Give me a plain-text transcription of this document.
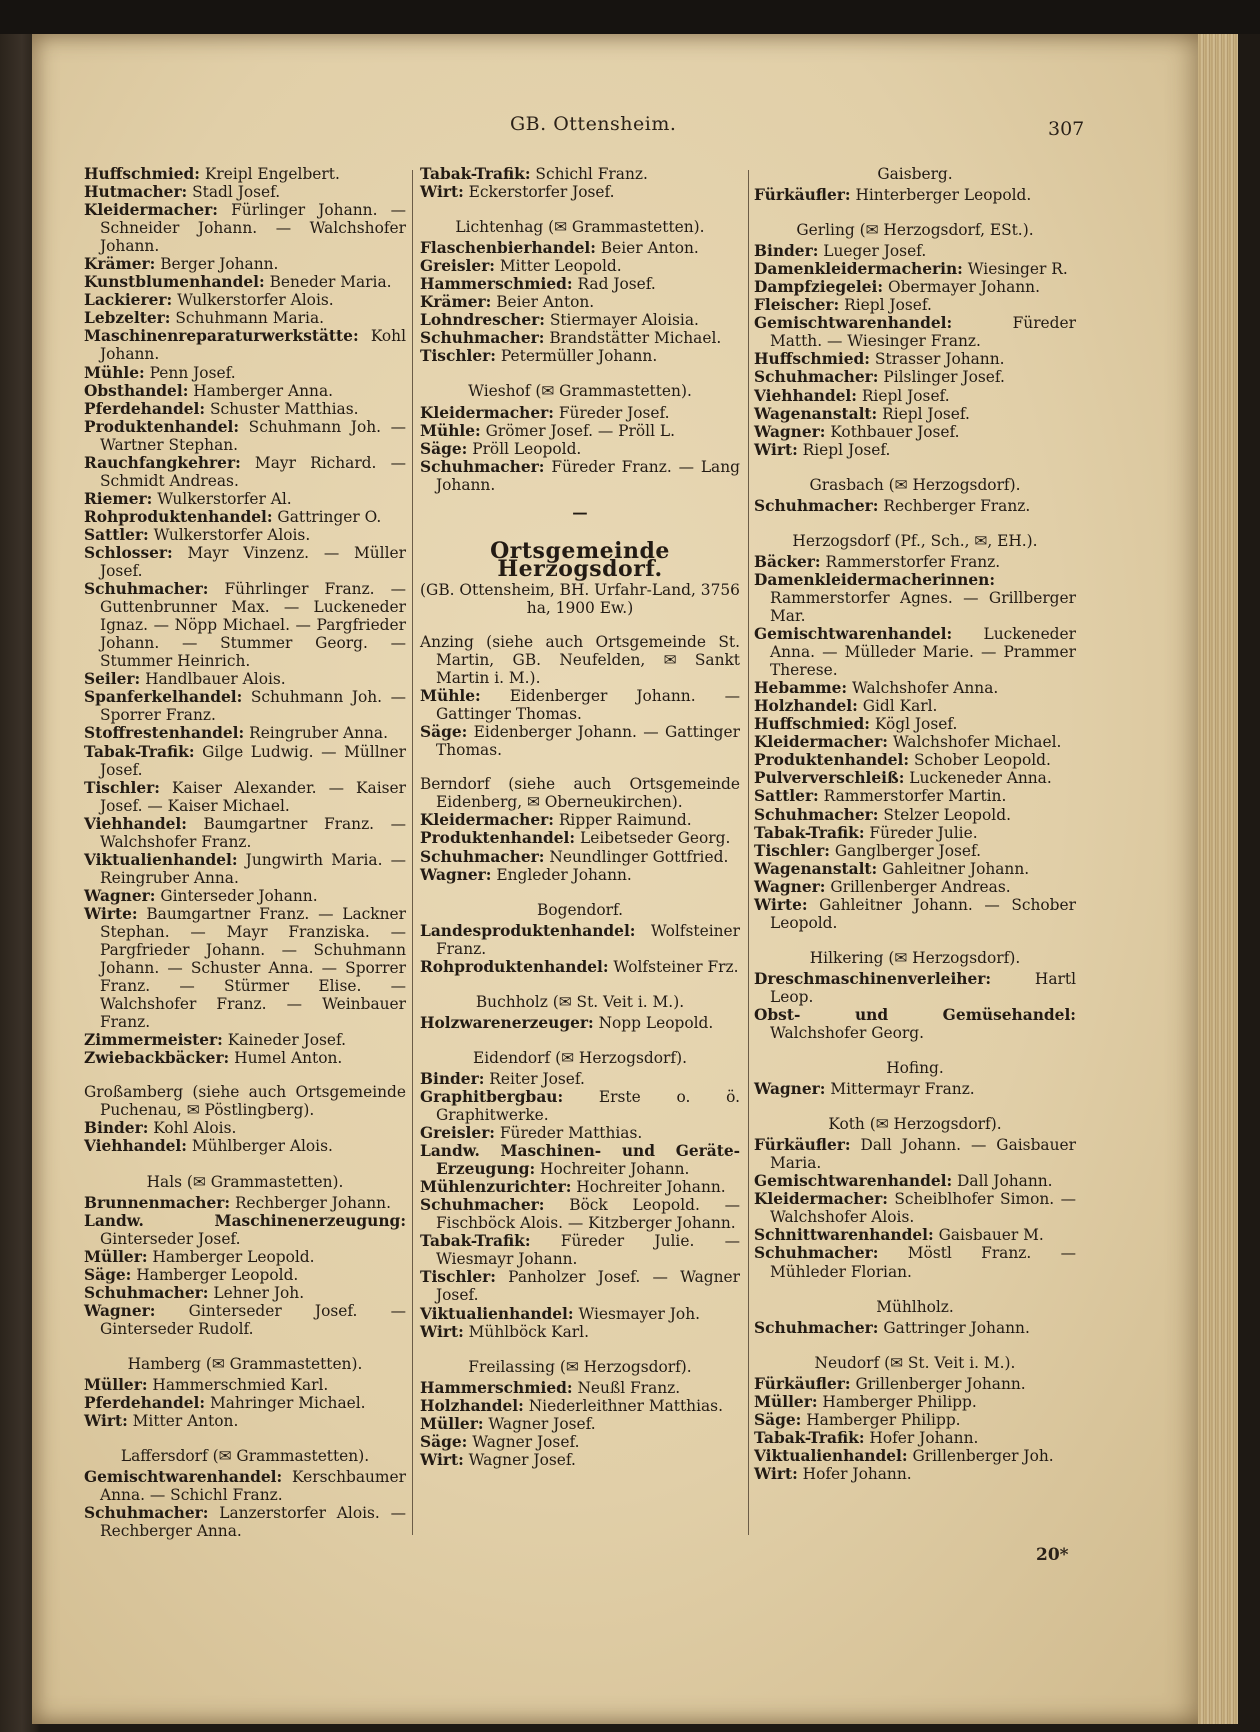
GB. Ottensheim.	307
20*

Huffschmied: Kreipl Engelbert.

Hutmacher: Stadl Josef.

Kleidermacher: Fürlinger Johann. — Schneider Johann. — Walchshofer Johann.

Krämer: Berger Johann.

Kunstblumenhandel: Beneder Maria.

Lackierer: Wulkerstorfer Alois.

Lebzelter: Schuhmann Maria.

Maschinenreparaturwerkstätte: Kohl Johann.

Mühle: Penn Josef.

Obsthandel: Hamberger Anna.

Pferdehandel: Schuster Matthias.

Produktenhandel: Schuhmann Joh. — Wartner Stephan.

Rauchfangkehrer: Mayr Richard. — Schmidt Andreas.

Riemer: Wulkerstorfer Al.

Rohproduktenhandel: Gattringer O.

Sattler: Wulkerstorfer Alois.

Schlosser: Mayr Vinzenz. — Müller Josef.

Schuhmacher: Führlinger Franz. — Guttenbrunner Max. — Luckeneder Ignaz. — Nöpp Michael. — Pargfrieder Johann. — Stummer Georg. — Stummer Heinrich.

Seiler: Handlbauer Alois.

Spanferkelhandel: Schuhmann Joh. — Sporrer Franz.

Stoffrestenhandel: Reingruber Anna.

Tabak-Trafik: Gilge Ludwig. — Müllner Josef.

Tischler: Kaiser Alexander. — Kaiser Josef. — Kaiser Michael.

Viehhandel: Baumgartner Franz. — Walchshofer Franz.

Viktualienhandel: Jungwirth Maria. — Reingruber Anna.

Wagner: Ginterseder Johann.

Wirte: Baumgartner Franz. — Lackner Stephan. — Mayr Franziska. — Pargfrieder Johann. — Schuhmann Johann. — Schuster Anna. — Sporrer Franz. — Stürmer Elise. — Walchshofer Franz. — Weinbauer Franz.

Zimmermeister: Kaineder Josef.

Zwiebackbäcker: Humel Anton.

Großamberg (siehe auch Ortsgemeinde Puchenau, ✉ Pöstlingberg).

Binder: Kohl Alois.

Viehhandel: Mühlberger Alois.

Hals (✉ Grammastetten).

Brunnenmacher: Rechberger Johann.

Landw. Maschinenerzeugung: Ginterseder Josef.

Müller: Hamberger Leopold.

Säge: Hamberger Leopold.

Schuhmacher: Lehner Joh.

Wagner: Ginterseder Josef. — Ginterseder Rudolf.

Hamberg (✉ Grammastetten).

Müller: Hammerschmied Karl.

Pferdehandel: Mahringer Michael.

Wirt: Mitter Anton.

Laffersdorf (✉ Grammastetten).

Gemischtwarenhandel: Kerschbaumer Anna. — Schichl Franz.

Schuhmacher: Lanzerstorfer Alois. — Rechberger Anna.

Tabak-Trafik: Schichl Franz.

Wirt: Eckerstorfer Josef.

Lichtenhag (✉ Grammastetten).

Flaschenbierhandel: Beier Anton.

Greisler: Mitter Leopold.

Hammerschmied: Rad Josef.

Krämer: Beier Anton.

Lohndrescher: Stiermayer Aloisia.

Schuhmacher: Brandstätter Michael.

Tischler: Petermüller Johann.

Wieshof (✉ Grammastetten).

Kleidermacher: Füreder Josef.

Mühle: Grömer Josef. — Pröll L.

Säge: Pröll Leopold.

Schuhmacher: Füreder Franz. — Lang Johann.

—

Ortsgemeinde Herzogsdorf.

(GB. Ottensheim, BH. Urfahr-Land, 3756 ha, 1900 Ew.)

Anzing (siehe auch Ortsgemeinde St. Martin, GB. Neufelden, ✉ Sankt Martin i. M.).

Mühle: Eidenberger Johann. — Gattinger Thomas.

Säge: Eidenberger Johann. — Gattinger Thomas.

Berndorf (siehe auch Ortsgemeinde Eidenberg, ✉ Oberneukirchen).

Kleidermacher: Ripper Raimund.

Produktenhandel: Leibetseder Georg.

Schuhmacher: Neundlinger Gottfried.

Wagner: Engleder Johann.

Bogendorf.

Landesproduktenhandel: Wolfsteiner Franz.

Rohproduktenhandel: Wolfsteiner Frz.

Buchholz (✉ St. Veit i. M.).

Holzwarenerzeuger: Nopp Leopold.

Eidendorf (✉ Herzogsdorf).

Binder: Reiter Josef.

Graphitbergbau: Erste o. ö. Graphitwerke.

Greisler: Füreder Matthias.

Landw. Maschinen- und Geräte-Erzeugung: Hochreiter Johann.

Mühlenzurichter: Hochreiter Johann.

Schuhmacher: Böck Leopold. — Fischböck Alois. — Kitzberger Johann.

Tabak-Trafik: Füreder Julie. — Wiesmayr Johann.

Tischler: Panholzer Josef. — Wagner Josef.

Viktualienhandel: Wiesmayer Joh.

Wirt: Mühlböck Karl.

Freilassing (✉ Herzogsdorf).

Hammerschmied: Neußl Franz.

Holzhandel: Niederleithner Matthias.

Müller: Wagner Josef.

Säge: Wagner Josef.

Wirt: Wagner Josef.

Gaisberg.

Fürkäufler: Hinterberger Leopold.

Gerling (✉ Herzogsdorf, ESt.).

Binder: Lueger Josef.

Damenkleidermacherin: Wiesinger R.

Dampfziegelei: Obermayer Johann.

Fleischer: Riepl Josef.

Gemischtwarenhandel: Füreder Matth. — Wiesinger Franz.

Huffschmied: Strasser Johann.

Schuhmacher: Pilslinger Josef.

Viehhandel: Riepl Josef.

Wagenanstalt: Riepl Josef.

Wagner: Kothbauer Josef.

Wirt: Riepl Josef.

Grasbach (✉ Herzogsdorf).

Schuhmacher: Rechberger Franz.

Herzogsdorf (Pf., Sch., ✉, EH.).

Bäcker: Rammerstorfer Franz.

Damenkleidermacherinnen: Rammerstorfer Agnes. — Grillberger Mar.

Gemischtwarenhandel: Luckeneder Anna. — Mülleder Marie. — Prammer Therese.

Hebamme: Walchshofer Anna.

Holzhandel: Gidl Karl.

Huffschmied: Kögl Josef.

Kleidermacher: Walchshofer Michael.

Produktenhandel: Schober Leopold.

Pulververschleiß: Luckeneder Anna.

Sattler: Rammerstorfer Martin.

Schuhmacher: Stelzer Leopold.

Tabak-Trafik: Füreder Julie.

Tischler: Ganglberger Josef.

Wagenanstalt: Gahleitner Johann.

Wagner: Grillenberger Andreas.

Wirte: Gahleitner Johann. — Schober Leopold.

Hilkering (✉ Herzogsdorf).

Dreschmaschinenverleiher: Hartl Leop.

Obst- und Gemüsehandel: Walchshofer Georg.

Hofing.

Wagner: Mittermayr Franz.

Koth (✉ Herzogsdorf).

Fürkäufler: Dall Johann. — Gaisbauer Maria.

Gemischtwarenhandel: Dall Johann.

Kleidermacher: Scheiblhofer Simon. — Walchshofer Alois.

Schnittwarenhandel: Gaisbauer M.

Schuhmacher: Möstl Franz. — Mühleder Florian.

Mühlholz.

Schuhmacher: Gattringer Johann.

Neudorf (✉ St. Veit i. M.).

Fürkäufler: Grillenberger Johann.

Müller: Hamberger Philipp.

Säge: Hamberger Philipp.

Tabak-Trafik: Hofer Johann.

Viktualienhandel: Grillenberger Joh.

Wirt: Hofer Johann.
